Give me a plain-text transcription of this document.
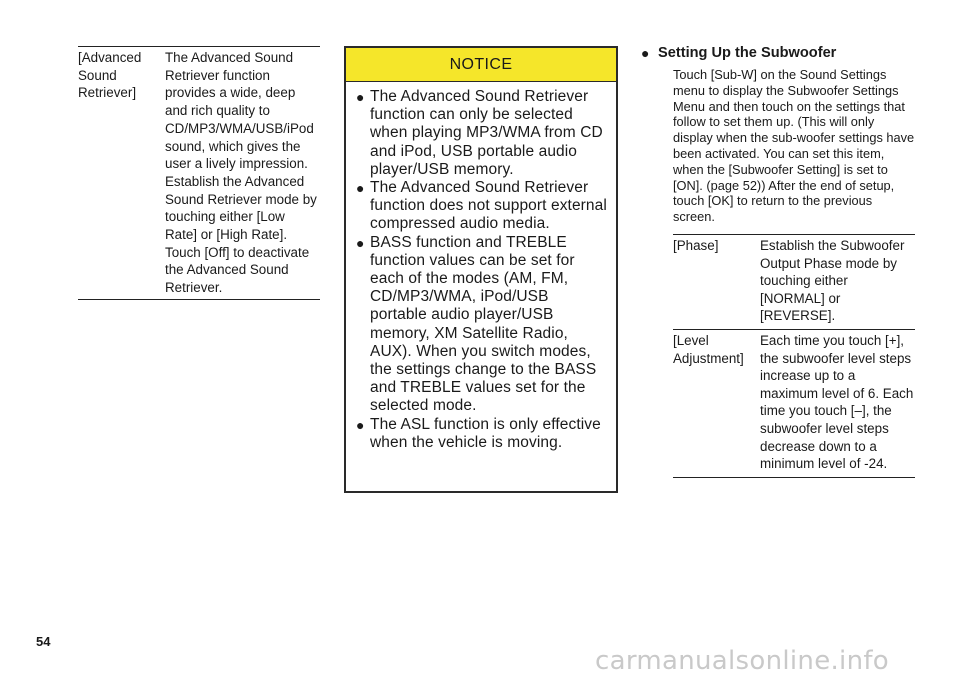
[Advanced Sound Retriever]
The Advanced Sound Retriever function provides a wide, deep and rich quality to CD/MP3/WMA/USB/iPod sound, which gives the user a lively impression. Establish the Advanced Sound Retriever mode by touching either [Low Rate] or [High Rate]. Touch [Off] to deactivate the Advanced Sound Retriever.
NOTICE
● The Advanced Sound Retriever function can only be selected when playing MP3/WMA from CD and iPod, USB portable audio player/USB memory.
● The Advanced Sound Retriever function does not support external compressed audio media.
● BASS function and TREBLE function values can be set for each of the modes (AM, FM, CD/MP3/WMA, iPod/USB portable audio player/USB memory, XM Satellite Radio, AUX). When you switch modes, the settings change to the BASS and TREBLE values set for the selected mode.
● The ASL function is only effective when the vehicle is moving.
● Setting Up the Subwoofer
Touch [Sub-W] on the Sound Settings menu to display the Subwoofer Settings Menu and then touch on the settings that follow to set them up. (This will only display when the sub-woofer settings have been activated. You can set this item, when the [Subwoofer Setting] is set to [ON]. (page 52)) After the end of setup, touch [OK] to return to the previous screen.
[Phase]	Establish the Subwoofer Output Phase mode by touching either [NORMAL] or [REVERSE].
[Level Adjustment]
Each time you touch [+], the subwoofer level steps increase up to a maximum level of 6. Each time you touch [–], the subwoofer level steps decrease down to a minimum level of -24.
54
carmanualsonline.info
